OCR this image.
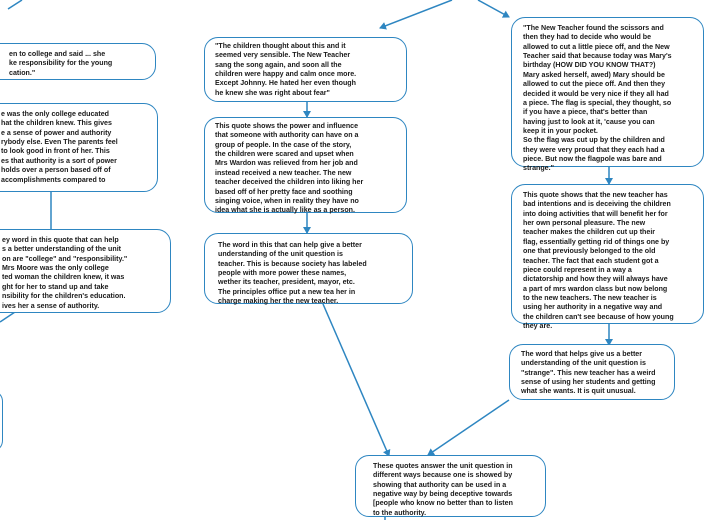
en to college and said ... she
ke responsibility for the young
cation."
e was the only college educated
hat the children knew. This gives
e a sense of power and authority
rybody else. Even The parents feel
to look good in front of her. This
es that authority is a sort of power
holds over a person based off of
accomplishments compared to
ey word in this quote that can help
s a better understanding of the unit
on are "college" and "responsibility."
Mrs Moore was the only college
ted woman the children knew, it was
ght for her to stand up and take
nsibility for the children's education.
ives her a sense of authority.
"The children thought about this and it
seemed very sensible. The New Teacher
sang the song again, and soon all the
children were happy and calm once more.
Except Johnny. He hated her even though
he knew she was right about fear"
This quote shows the power and influence
that someone with authority can have on a
group of people. In the case of the story,
the children were scared and upset when
Mrs Wardon was relieved from her job and
instead received a new teacher. The new
teacher deceived the children into liking her
based off of her pretty face and soothing
singing voice, when in reality they have no
idea what she is actually like as a person.
The word in this that can help give a better
understanding of the unit question is
teacher. This is because society has labeled
people with more power these names,
wether its teacher, president, mayor, etc.
The principles office put a new tea her in
charge making her the new teacher.
"The New Teacher found the scissors and
then they had to decide who would be
allowed to cut a little piece off, and the New
Teacher said that because today was Mary's
birthday (HOW DID YOU KNOW THAT?)
Mary asked herself, awed) Mary should be
allowed to cut the piece off. And then they
decided it would be very nice if they all had
a piece. The flag is special, they thought, so
if you have a piece, that's better than
having just to look at it, 'cause you can
keep it in your pocket.
So the flag was cut up by the children and
they were very proud that they each had a
piece. But now the flagpole was bare and
strange."
This quote shows that the new teacher has
bad intentions and is deceiving the children
into doing activities that will benefit her for
her own personal pleasure. The new
teacher makes the children cut up their
flag, essentially getting rid of things one by
one that previously belonged to the old
teacher. The fact that each student got a
piece could represent in a way a
dictatorship and how they will always have
a part of mrs wardon class but now belong
to the new teachers. The new teacher is
using her authority in a negative way and
the children can't see because of how young
they are.
The word that helps give us a better
understanding of the unit question is
"strange". This new teacher has a weird
sense of using her students and getting
what she wants. It is quit unusual.
These quotes answer the unit question in
different ways because one is showed by
showing that authority can be used in a
negative way by being deceptive towards
[people who know no better than to listen
to the authority.
